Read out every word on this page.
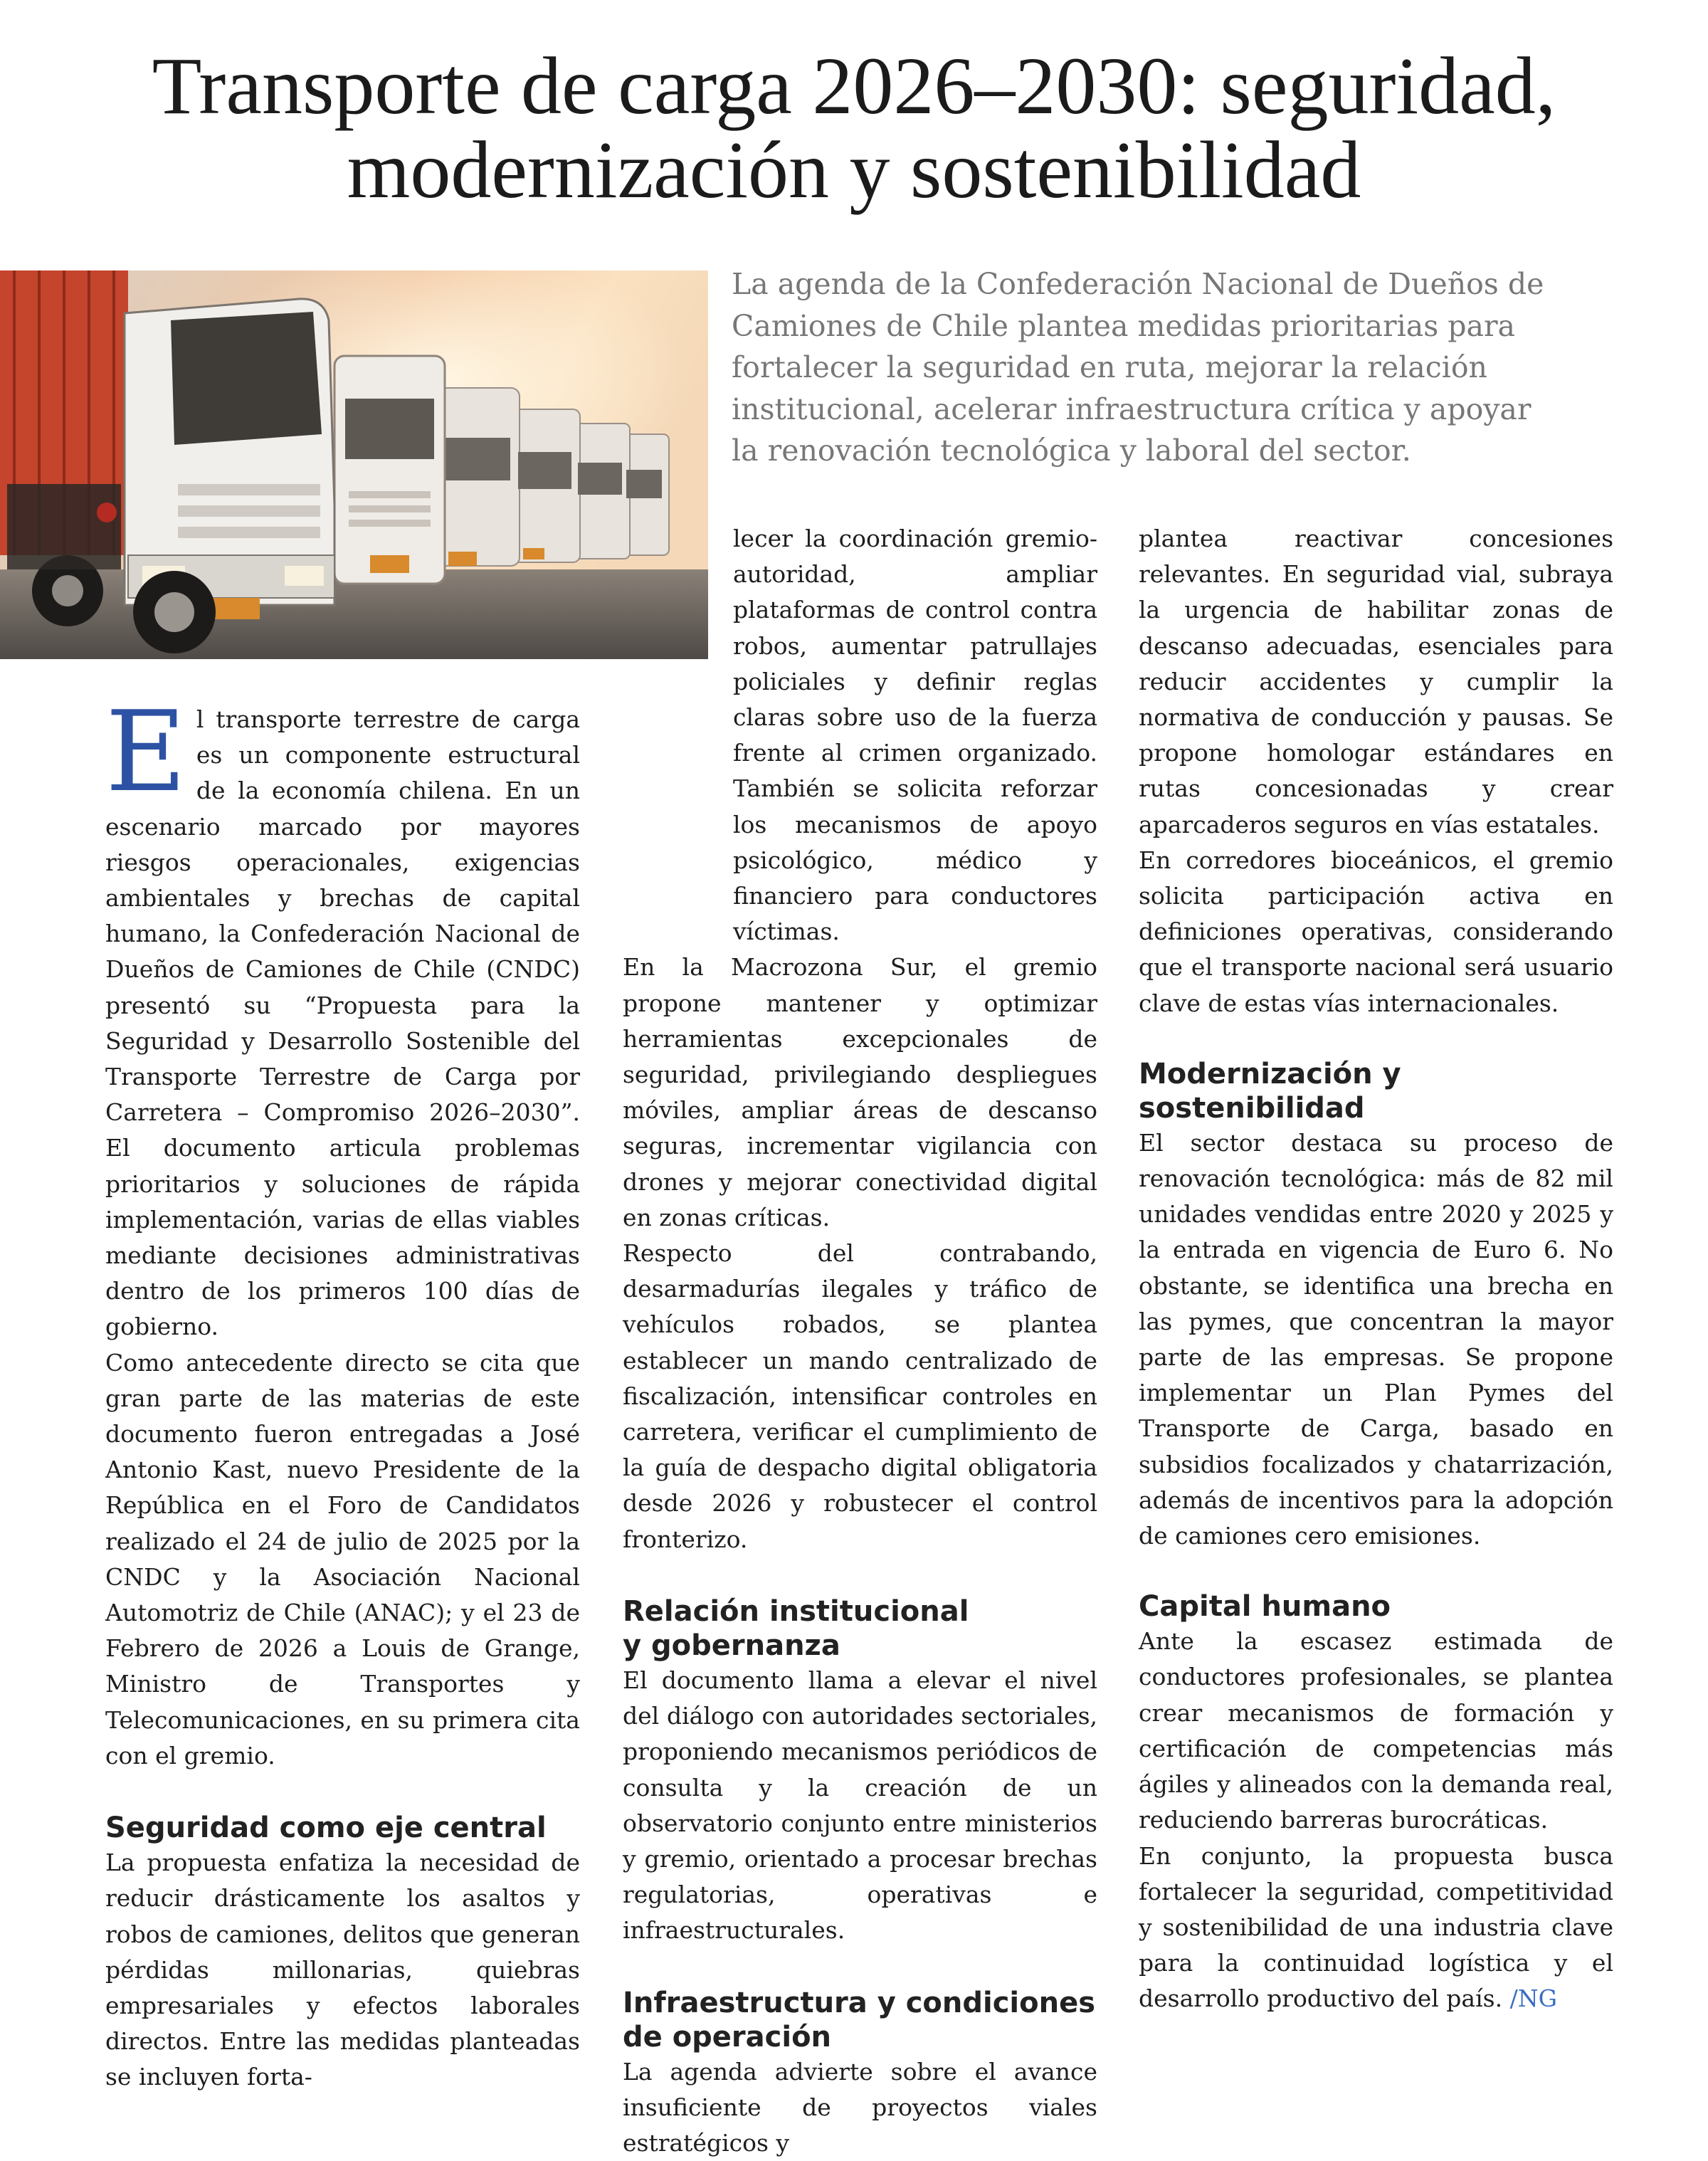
Transporte de carga 2026–2030: seguridad,
modernización y sostenibilidad
La agenda de la Confederación Nacional de Dueños de Camiones de Chile plantea medidas prioritarias para fortalecer la seguridad en ruta, mejorar la relación institucional, acelerar infraestructura crítica y apoyar la renovación tecnológica y laboral del sector.
E l transporte terrestre de carga es un componente estructural de la economía chilena. En un escenario marcado por mayores riesgos operacionales, exigencias ambientales y brechas de capital humano, la Confederación Nacional de Dueños de Camiones de Chile (CNDC) presentó su “Propuesta para la Seguridad y Desarrollo Sostenible del Transporte Terrestre de Carga por Carretera – Compromiso 2026–2030”. El documento articula problemas prioritarios y soluciones de rápida implementación, varias de ellas viables mediante decisiones administrativas dentro de los primeros 100 días de gobierno.

Como antecedente directo se cita que gran parte de las materias de este documento fueron entregadas a José Antonio Kast, nuevo Presidente de la República en el Foro de Candidatos realizado el 24 de julio de 2025 por la CNDC y la Asociación Nacional Automotriz de Chile (ANAC); y el 23 de Febrero de 2026 a Louis de Grange, Ministro de Transportes y Telecomunicaciones, en su primera cita con el gremio.

Seguridad como eje central

La propuesta enfatiza la necesidad de reducir drásticamente los asaltos y robos de camiones, delitos que generan pérdidas millonarias, quiebras empresariales y efectos laborales directos. Entre las medidas planteadas se incluyen forta-

lecer la coordinación gremio-autoridad, ampliar plataformas de control contra robos, aumentar patrullajes policiales y definir reglas claras sobre uso de la fuerza frente al crimen organizado. También se solicita reforzar los mecanismos de apoyo psicológico, médico y financiero para conductores víctimas.

En la Macrozona Sur, el gremio propone mantener y optimizar herramientas excepcionales de seguridad, privilegiando despliegues móviles, ampliar áreas de descanso seguras, incrementar vigilancia con drones y mejorar conectividad digital en zonas críticas.

Respecto del contrabando, desarmadurías ilegales y tráfico de vehículos robados, se plantea establecer un mando centralizado de fiscalización, intensificar controles en carretera, verificar el cumplimiento de la guía de despacho digital obligatoria desde 2026 y robustecer el control fronterizo.

Relación institucional
y gobernanza

El documento llama a elevar el nivel del diálogo con autoridades sectoriales, proponiendo mecanismos periódicos de consulta y la creación de un observatorio conjunto entre ministerios y gremio, orientado a procesar brechas regulatorias, operativas e infraestructurales.

Infraestructura y condiciones
de operación

La agenda advierte sobre el avance insuficiente de proyectos viales estratégicos y

plantea reactivar concesiones relevantes. En seguridad vial, subraya la urgencia de habilitar zonas de descanso adecuadas, esenciales para reducir accidentes y cumplir la normativa de conducción y pausas. Se propone homologar estándares en rutas concesionadas y crear aparcaderos seguros en vías estatales.

En corredores bioceánicos, el gremio solicita participación activa en definiciones operativas, considerando que el transporte nacional será usuario clave de estas vías internacionales.

Modernización y sostenibilidad

El sector destaca su proceso de renovación tecnológica: más de 82 mil unidades vendidas entre 2020 y 2025 y la entrada en vigencia de Euro 6. No obstante, se identifica una brecha en las pymes, que concentran la mayor parte de las empresas. Se propone implementar un Plan Pymes del Transporte de Carga, basado en subsidios focalizados y chatarrización, además de incentivos para la adopción de camiones cero emisiones.

Capital humano

Ante la escasez estimada de conductores profesionales, se plantea crear mecanismos de formación y certificación de competencias más ágiles y alineados con la demanda real, reduciendo barreras burocráticas.

En conjunto, la propuesta busca fortalecer la seguridad, competitividad y sostenibilidad de una industria clave para la continuidad logística y el desarrollo productivo del país. /NG
